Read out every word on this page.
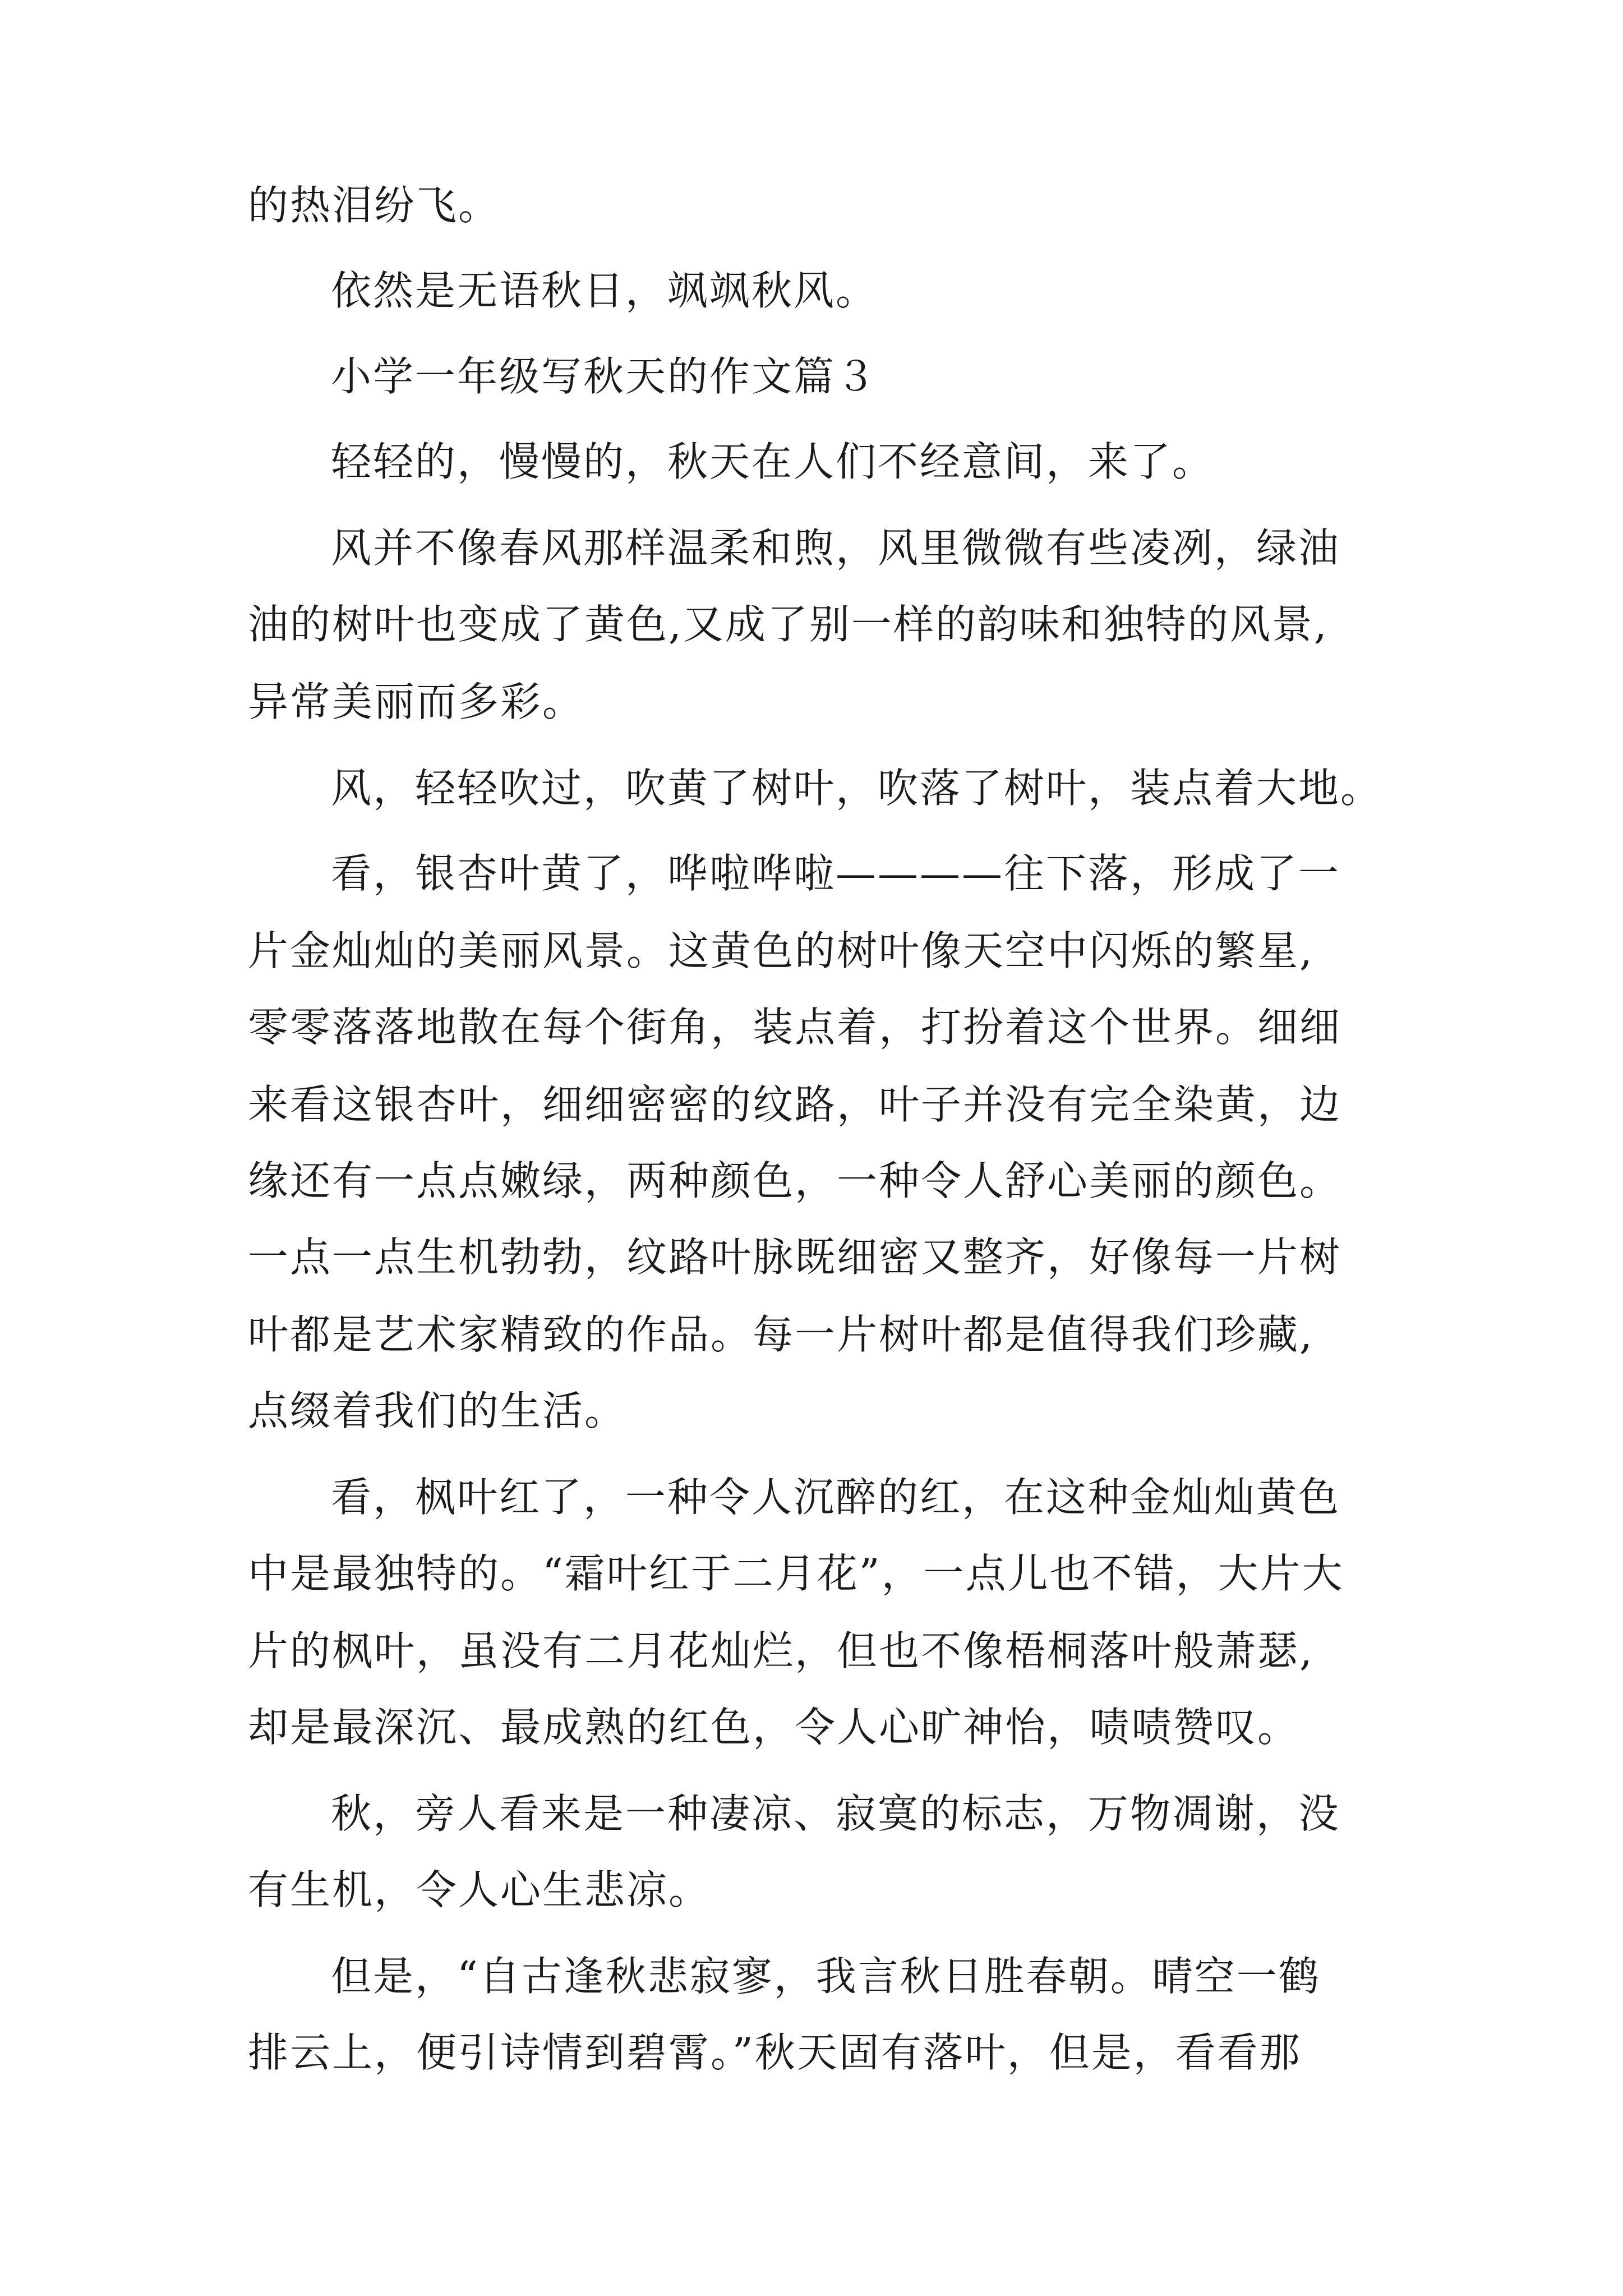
的热泪纷飞。
依然是无语秋日，飒飒秋风。
小学一年级写秋天的作文篇３
轻轻的，慢慢的，秋天在人们不经意间，来了。
风并不像春风那样温柔和煦，风里微微有些凌冽，绿油
油的树叶也变成了黄色,又成了别一样的韵味和独特的风景,
异常美丽而多彩。
风，轻轻吹过，吹黄了树叶，吹落了树叶，装点着大地。
看，银杏叶黄了，哗啦哗啦————往下落，形成了一
片金灿灿的美丽风景。这黄色的树叶像天空中闪烁的繁星,
零零落落地散在每个街角，装点着，打扮着这个世界。细细
来看这银杏叶，细细密密的纹路，叶子并没有完全染黄，边
缘还有一点点嫩绿，两种颜色，一种令人舒心美丽的颜色。
一点一点生机勃勃，纹路叶脉既细密又整齐，好像每一片树
叶都是艺术家精致的作品。每一片树叶都是值得我们珍藏,
点缀着我们的生活。
看，枫叶红了，一种令人沉醉的红，在这种金灿灿黄色
中是最独特的。“霜叶红于二月花”，一点儿也不错，大片大
片的枫叶，虽没有二月花灿烂，但也不像梧桐落叶般萧瑟,
却是最深沉、最成熟的红色，令人心旷神怡，啧啧赞叹。
秋，旁人看来是一种凄凉、寂寞的标志，万物凋谢，没
有生机，令人心生悲凉。
但是，“自古逢秋悲寂寥，我言秋日胜春朝。晴空一鹤
排云上，便引诗情到碧霄。”秋天固有落叶，但是，看看那
